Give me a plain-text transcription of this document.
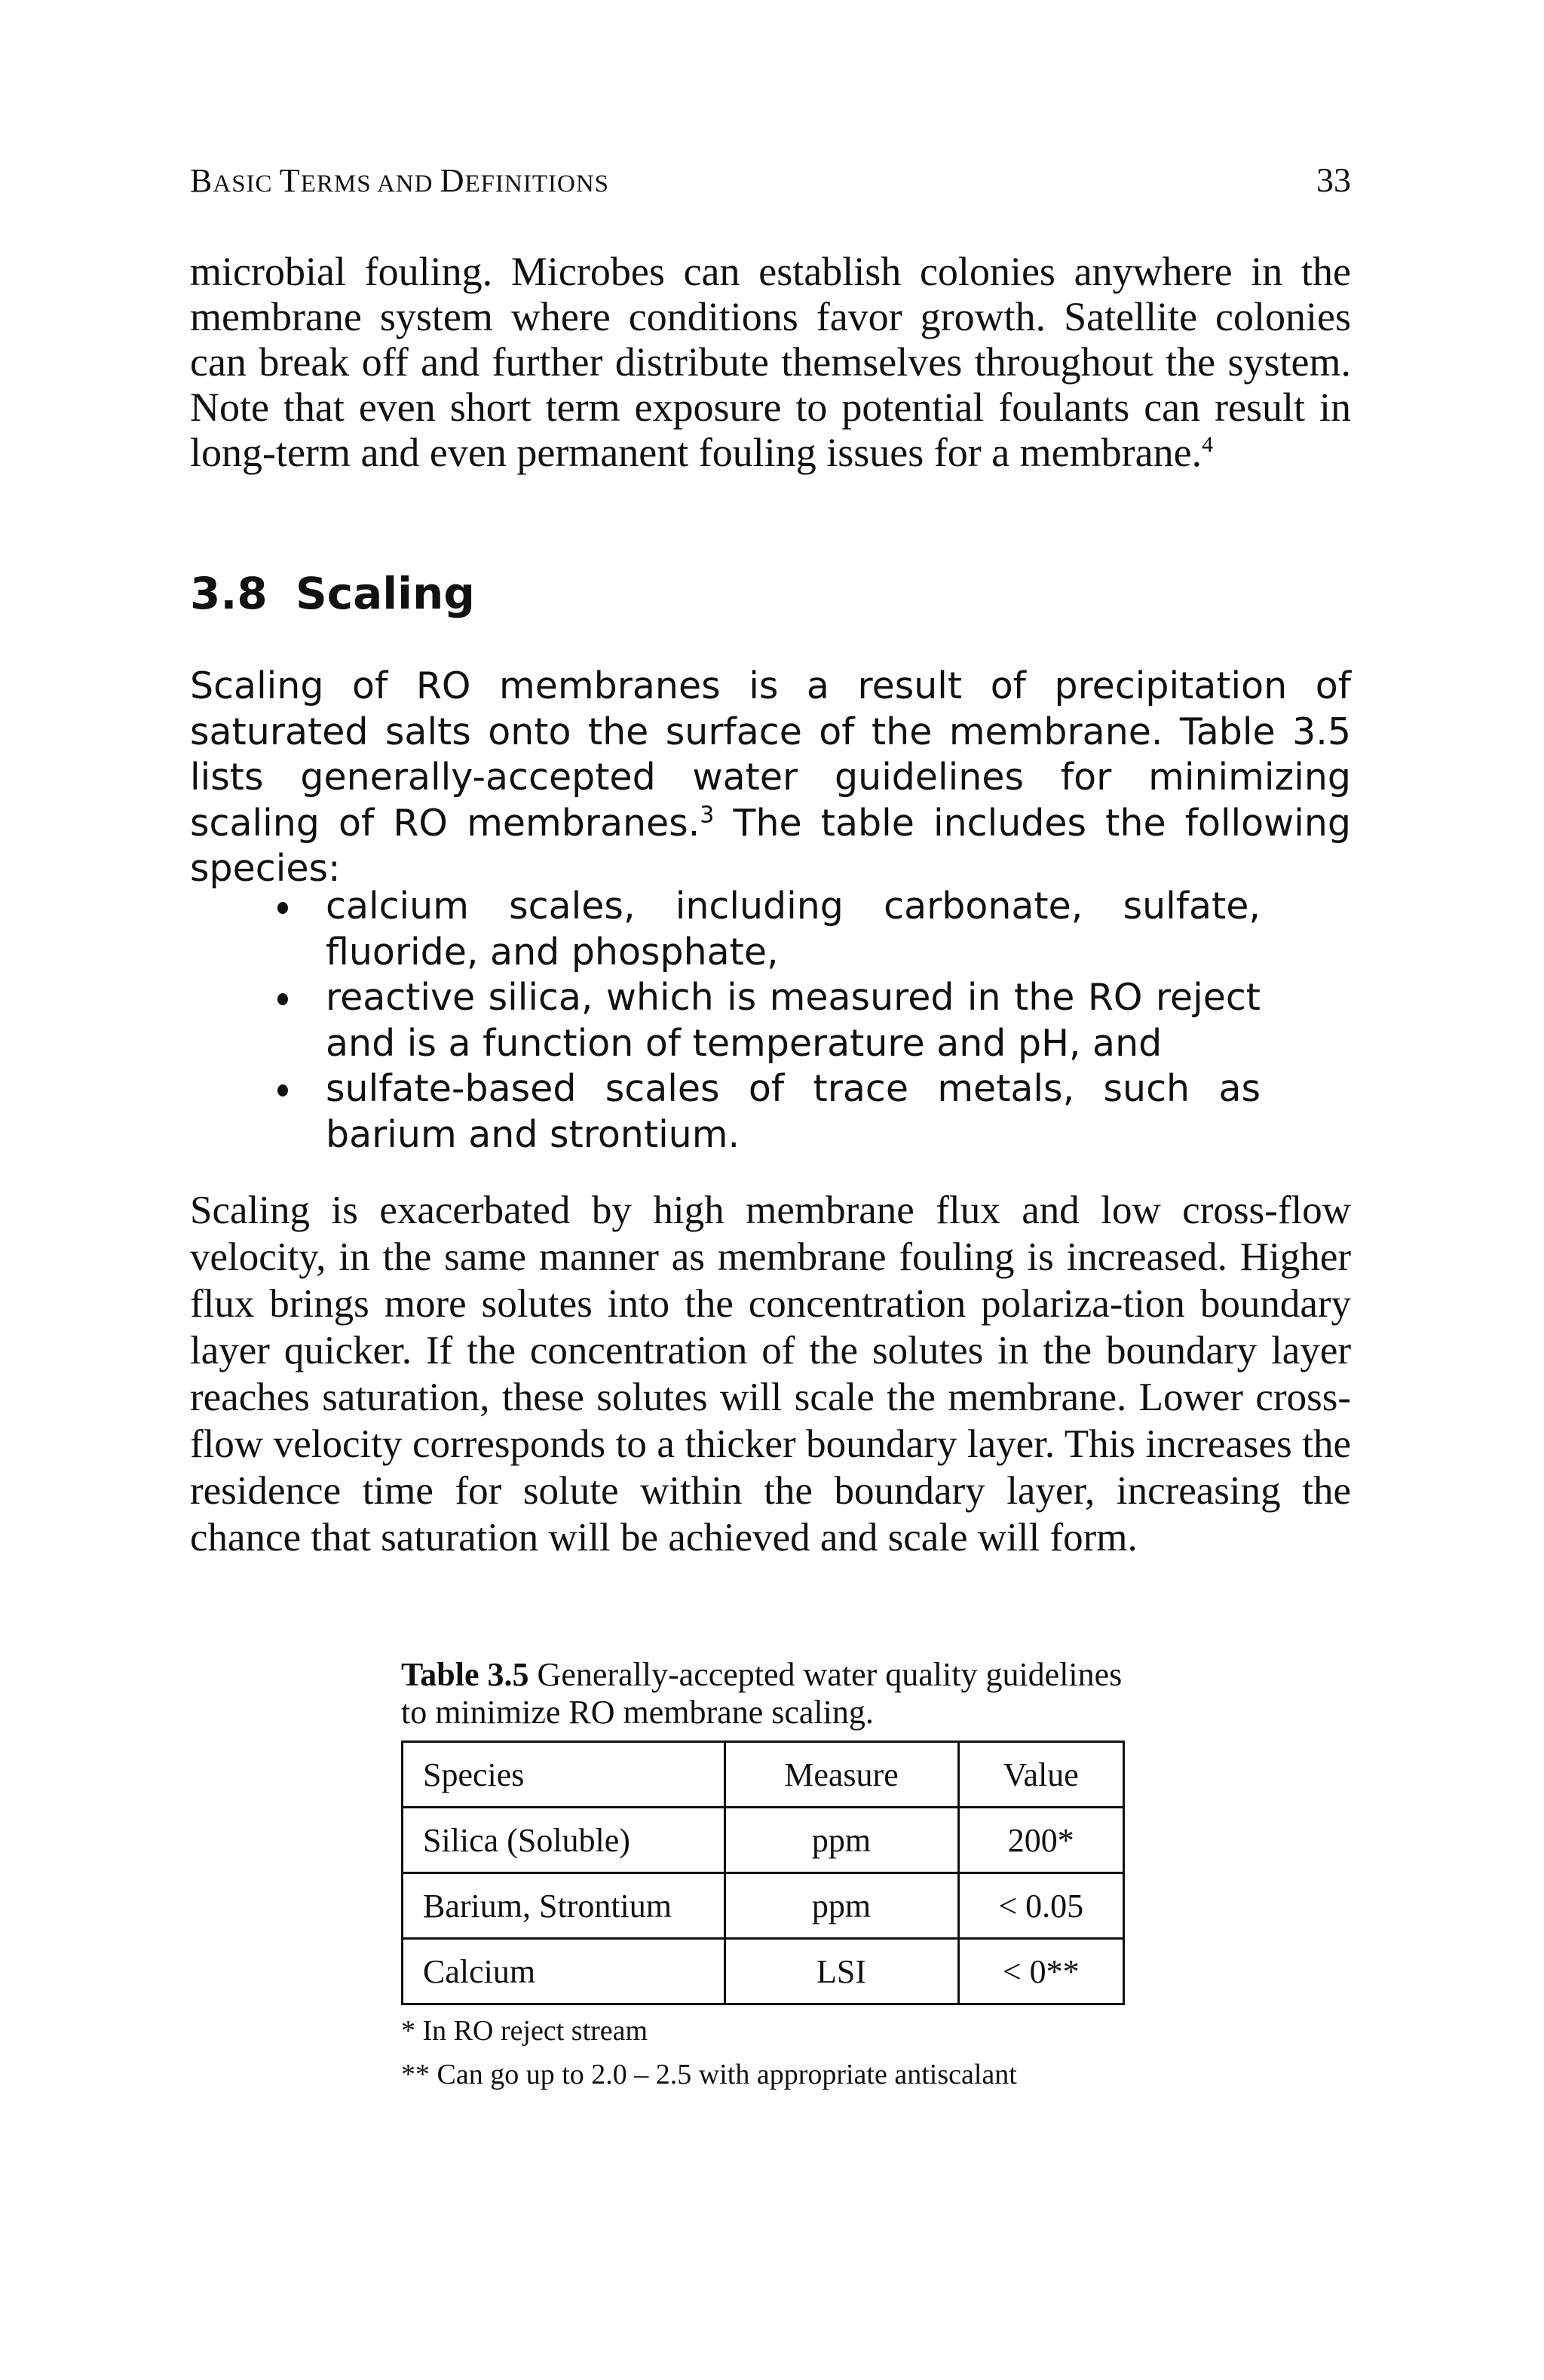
BASIC TERMS AND DEFINITIONS	33

microbial fouling. Microbes can establish colonies anywhere in the membrane system where conditions favor growth. Satellite colonies can break off and further distribute themselves throughout the system. Note that even short term exposure to potential foulants can result in long-term and even permanent fouling issues for a membrane.$^4$

3.8 Scaling

Scaling of RO membranes is a result of precipitation of saturated salts onto the surface of the membrane. Table 3.5 lists generally-accepted water guidelines for minimizing scaling of RO membranes.$^3$ The table includes the following species:

calcium scales, including carbonate, sulfate, fluoride, and phosphate,
reactive silica, which is measured in the RO reject and is a function of temperature and pH, and
sulfate-based scales of trace metals, such as barium and strontium.

Scaling is exacerbated by high membrane flux and low cross-flow velocity, in the same manner as membrane fouling is increased. Higher flux brings more solutes into the concentration polariza-tion boundary layer quicker. If the concentration of the solutes in the boundary layer reaches saturation, these solutes will scale the membrane. Lower cross-flow velocity corresponds to a thicker boundary layer. This increases the residence time for solute within the boundary layer, increasing the chance that saturation will be achieved and scale will form.

Table 3.5 Generally-accepted water quality guidelines to minimize RO membrane scaling.

Species	Measure	Value
Silica (Soluble)	ppm	200*
Barium, Strontium	ppm	< 0.05
Calcium	LSI	< 0**

* In RO reject stream

** Can go up to 2.0 – 2.5 with appropriate antiscalant
